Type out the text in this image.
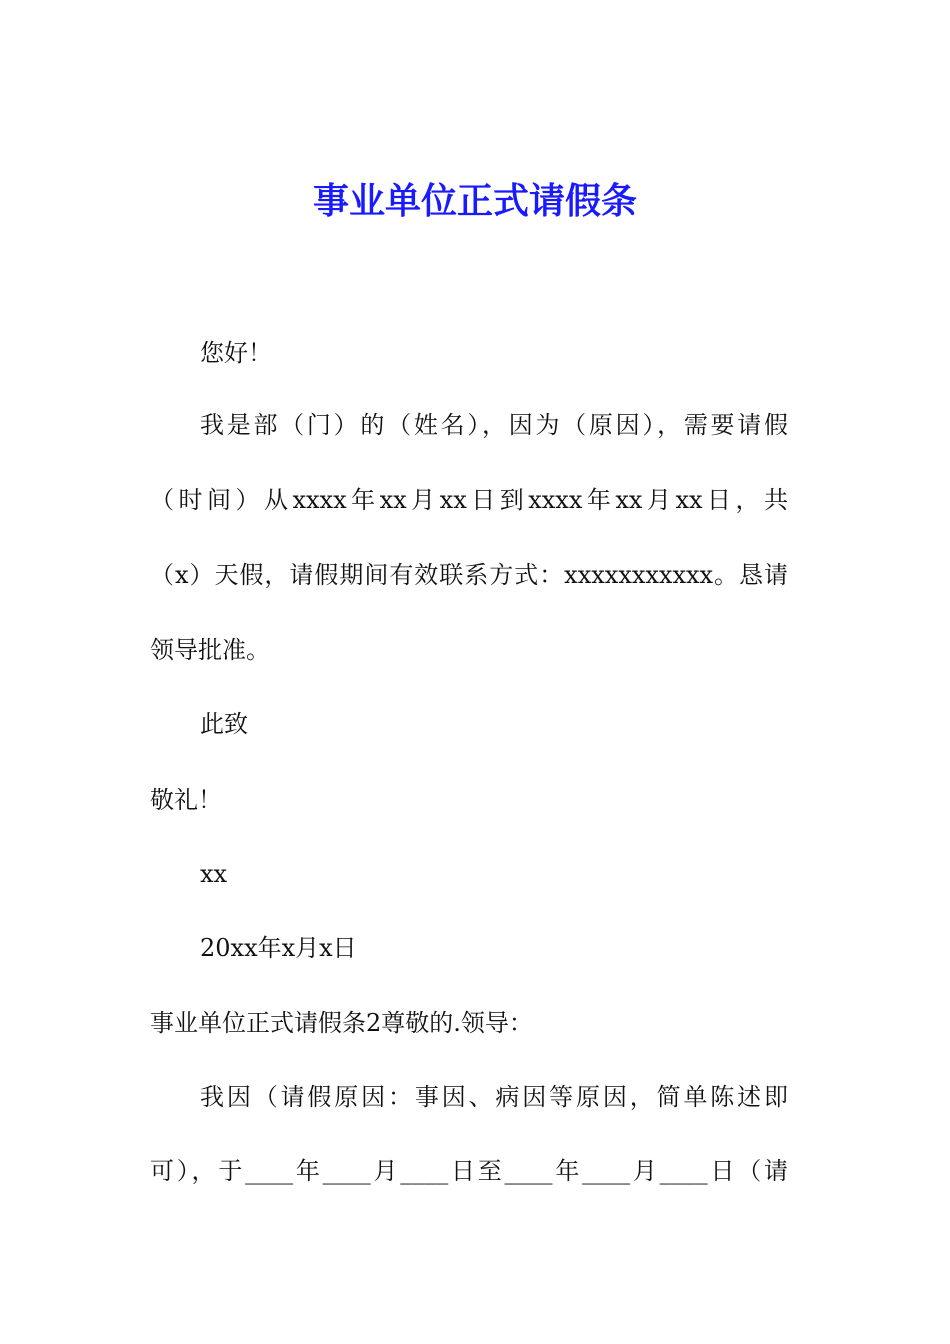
事业单位正式请假条
您好！
我是部（门）的（姓名），因为（原因），需要请假
（时间）从xxxx年xx月xx日到xxxx年xx月xx日，共
（x）天假，请假期间有效联系方式：xxxxxxxxxxx。恳请
领导批准。
此致
敬礼！
xx
20xx年x月x日
事业单位正式请假条2尊敬的.领导：
我因（请假原因：事因、病因等原因，简单陈述即
可），于____年____月____日至____年____月____日（请
